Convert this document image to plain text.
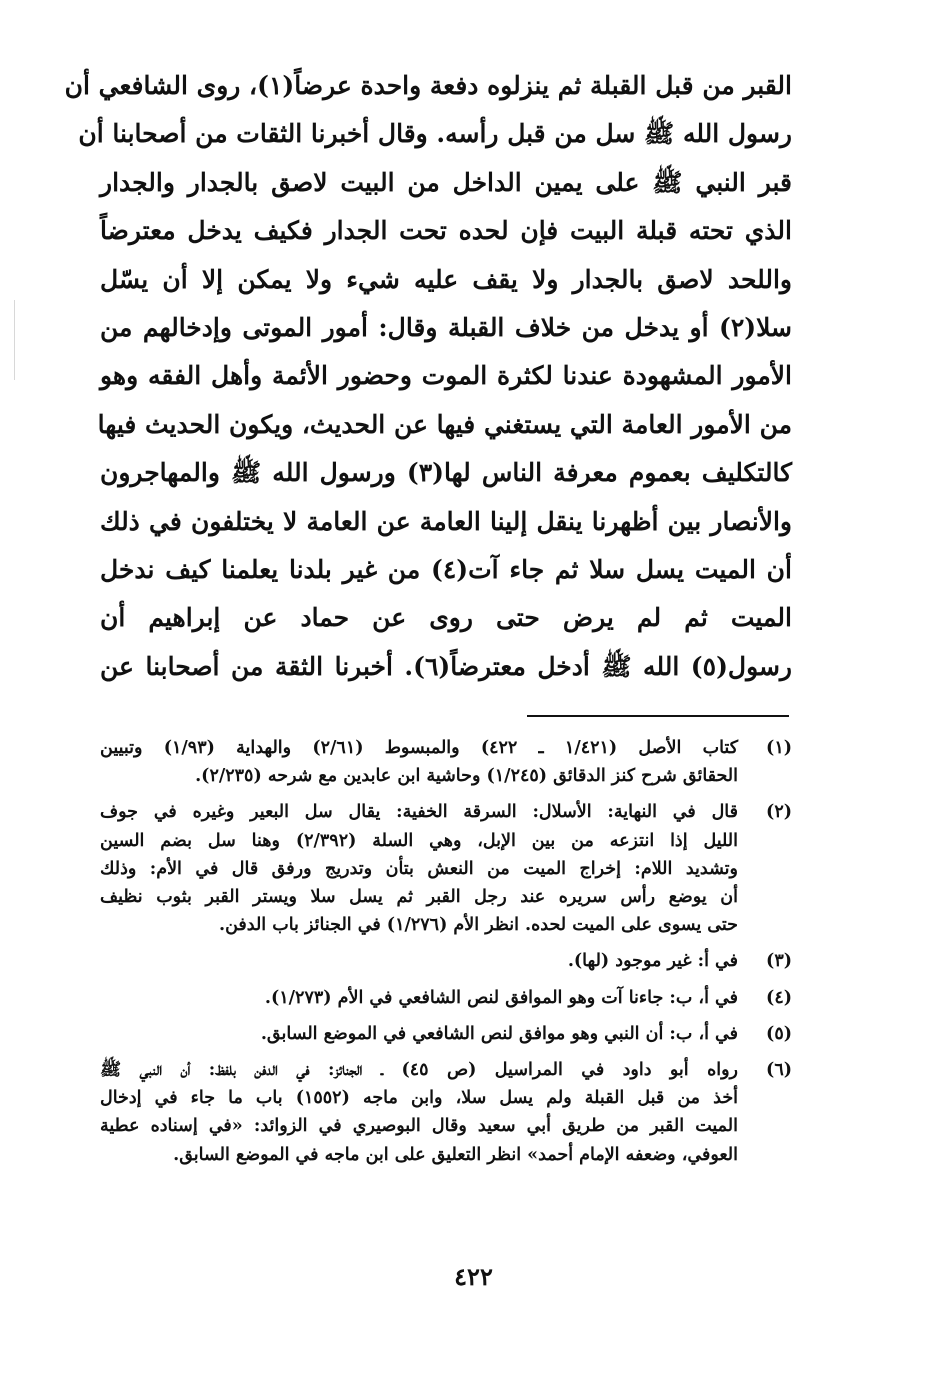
القبر من قبل القبلة ثم ينزلوه دفعة واحدة عرضاً(١)، روى الشافعي أن
رسول الله ﷺ سل من قبل رأسه. وقال أخبرنا الثقات من أصحابنا أن
قبر النبي ﷺ على يمين الداخل من البيت لاصق بالجدار والجدار
الذي تحته قبلة البيت فإن لحده تحت الجدار فكيف يدخل معترضاً
واللحد لاصق بالجدار ولا يقف عليه شيء ولا يمكن إلا أن يسّل
سلا(٢) أو يدخل من خلاف القبلة وقال: أمور الموتى وإدخالهم من
الأمور المشهودة عندنا لكثرة الموت وحضور الأئمة وأهل الفقه وهو
من الأمور العامة التي يستغني فيها عن الحديث، ويكون الحديث فيها
كالتكليف بعموم معرفة الناس لها(٣) ورسول الله ﷺ والمهاجرون
والأنصار بين أظهرنا ينقل إلينا العامة عن العامة لا يختلفون في ذلك
أن الميت يسل سلا ثم جاء آت(٤) من غير بلدنا يعلمنا كيف ندخل
الميت ثم لم يرض حتى روى عن حماد عن إبراهيم أن
رسول(٥) الله ﷺ أدخل معترضاً(٦). أخبرنا الثقة من أصحابنا عن
(١)
كتاب الأصل (١/٤٢١ ـ ٤٢٢) والمبسوط (٢/٦١) والهداية (١/٩٣) وتبيين
الحقائق شرح كنز الدقائق (١/٢٤٥) وحاشية ابن عابدين مع شرحه (٢/٢٣٥).
(٢)
قال في النهاية: الأسلال: السرقة الخفية: يقال سل البعير وغيره في جوف
الليل إذا انتزعه من بين الإبل، وهي السلة (٢/٣٩٢) وهنا سل بضم السين
وتشديد اللام: إخراج الميت من النعش بتأن وتدريج ورفق قال في الأم: وذلك
أن يوضع رأس سريره عند رجل القبر ثم يسل سلا ويستر القبر بثوب نظيف
حتى يسوى على الميت لحده. انظر الأم (١/٢٧٦) في الجنائز باب الدفن.
(٣)
في أ: غير موجود (لها).
(٤)
في أ، ب: جاءنا آت وهو الموافق لنص الشافعي في الأم (١/٢٧٣).
(٥)
في أ، ب: أن النبي وهو موافق لنص الشافعي في الموضع السابق.
(٦)
رواه أبو داود في المراسيل (ص ٤٥) ـ الجنائز: في الدفن بلفظ: أن النبي ﷺ
أخذ من قبل القبلة ولم يسل سلا، وابن ماجه (١٥٥٢) باب ما جاء في إدخال
الميت القبر من طريق أبي سعيد وقال البوصيري في الزوائد: «في إسناده عطية
العوفي، وضعفه الإمام أحمد» انظر التعليق على ابن ماجه في الموضع السابق.
٤٢٢
